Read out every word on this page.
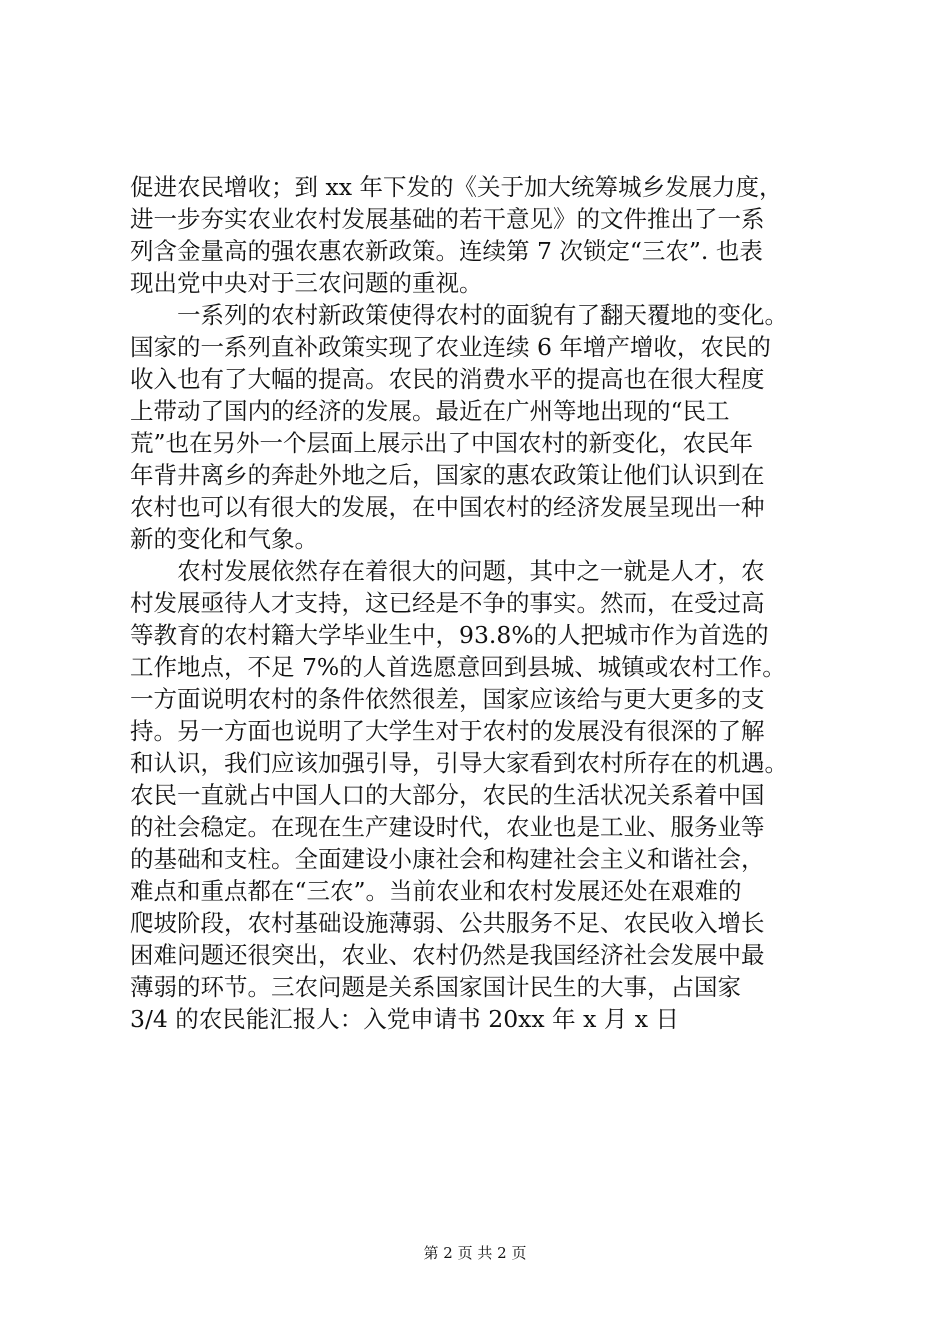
促进农民增收；到 xx 年下发的《关于加大统筹城乡发展力度，
进一步夯实农业农村发展基础的若干意见》的文件推出了一系
列含金量高的强农惠农新政策。连续第 7 次锁定“三农”. 也表
现出党中央对于三农问题的重视。
　　一系列的农村新政策使得农村的面貌有了翻天覆地的变化。
国家的一系列直补政策实现了农业连续 6 年增产增收，农民的
收入也有了大幅的提高。农民的消费水平的提高也在很大程度
上带动了国内的经济的发展。最近在广州等地出现的“民工
荒”也在另外一个层面上展示出了中国农村的新变化，农民年
年背井离乡的奔赴外地之后，国家的惠农政策让他们认识到在
农村也可以有很大的发展，在中国农村的经济发展呈现出一种
新的变化和气象。
　　农村发展依然存在着很大的问题，其中之一就是人才，农
村发展亟待人才支持，这已经是不争的事实。然而，在受过高
等教育的农村籍大学毕业生中，93.8%的人把城市作为首选的
工作地点，不足 7%的人首选愿意回到县城、城镇或农村工作。
一方面说明农村的条件依然很差，国家应该给与更大更多的支
持。另一方面也说明了大学生对于农村的发展没有很深的了解
和认识，我们应该加强引导，引导大家看到农村所存在的机遇。
农民一直就占中国人口的大部分，农民的生活状况关系着中国
的社会稳定。在现在生产建设时代，农业也是工业、服务业等
的基础和支柱。全面建设小康社会和构建社会主义和谐社会，
难点和重点都在“三农”。当前农业和农村发展还处在艰难的
爬坡阶段，农村基础设施薄弱、公共服务不足、农民收入增长
困难问题还很突出，农业、农村仍然是我国经济社会发展中最
薄弱的环节。三农问题是关系国家国计民生的大事，占国家
3/4 的农民能汇报人：入党申请书 20xx 年 x 月 x 日
第 2 页 共 2 页
